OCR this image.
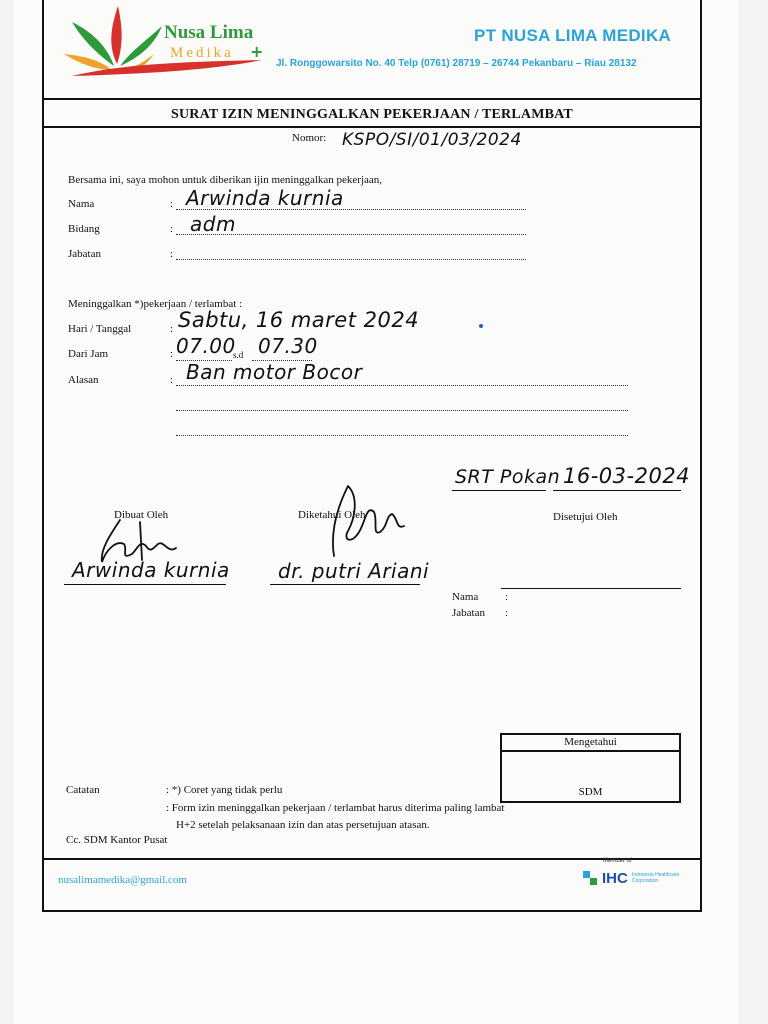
Nusa Lima
Medika +
PT NUSA LIMA MEDIKA
Jl. Ronggowarsito No. 40 Telp (0761) 28719 – 26744 Pekanbaru – Riau 28132
SURAT IZIN MENINGGALKAN PEKERJAAN / TERLAMBAT
Nomor: KSPO/SI/01/03/2024
Bersama ini, saya mohon untuk diberikan ijin meninggalkan pekerjaan,
Nama	: Arwinda kurnia
Bidang	: adm
Jabatan	:
Meninggalkan *)pekerjaan / terlambat :
Hari / Tanggal	: Sabtu, 16 maret 2024
Dari Jam	: 07.00
s.d 07.30
Alasan	: Ban motor Bocor
SRT Pokan 16-03-2024
Dibuat Oleh	Diketahui Oleh	Disetujui Oleh
Arwinda kurnia dr. putri Ariani
Nama :
Jabatan :
Mengetahui
SDM
Catatan	: *) Coret yang tidak perlu
: Form izin meninggalkan pekerjaan / terlambat harus diterima paling lambat
H+2 setelah pelaksanaan izin dan atas persetujuan atasan.
Cc. SDM Kantor Pusat
nusalimamedika@gmail.com
Member of
IHC Indonesia Healthcare
Corporation
